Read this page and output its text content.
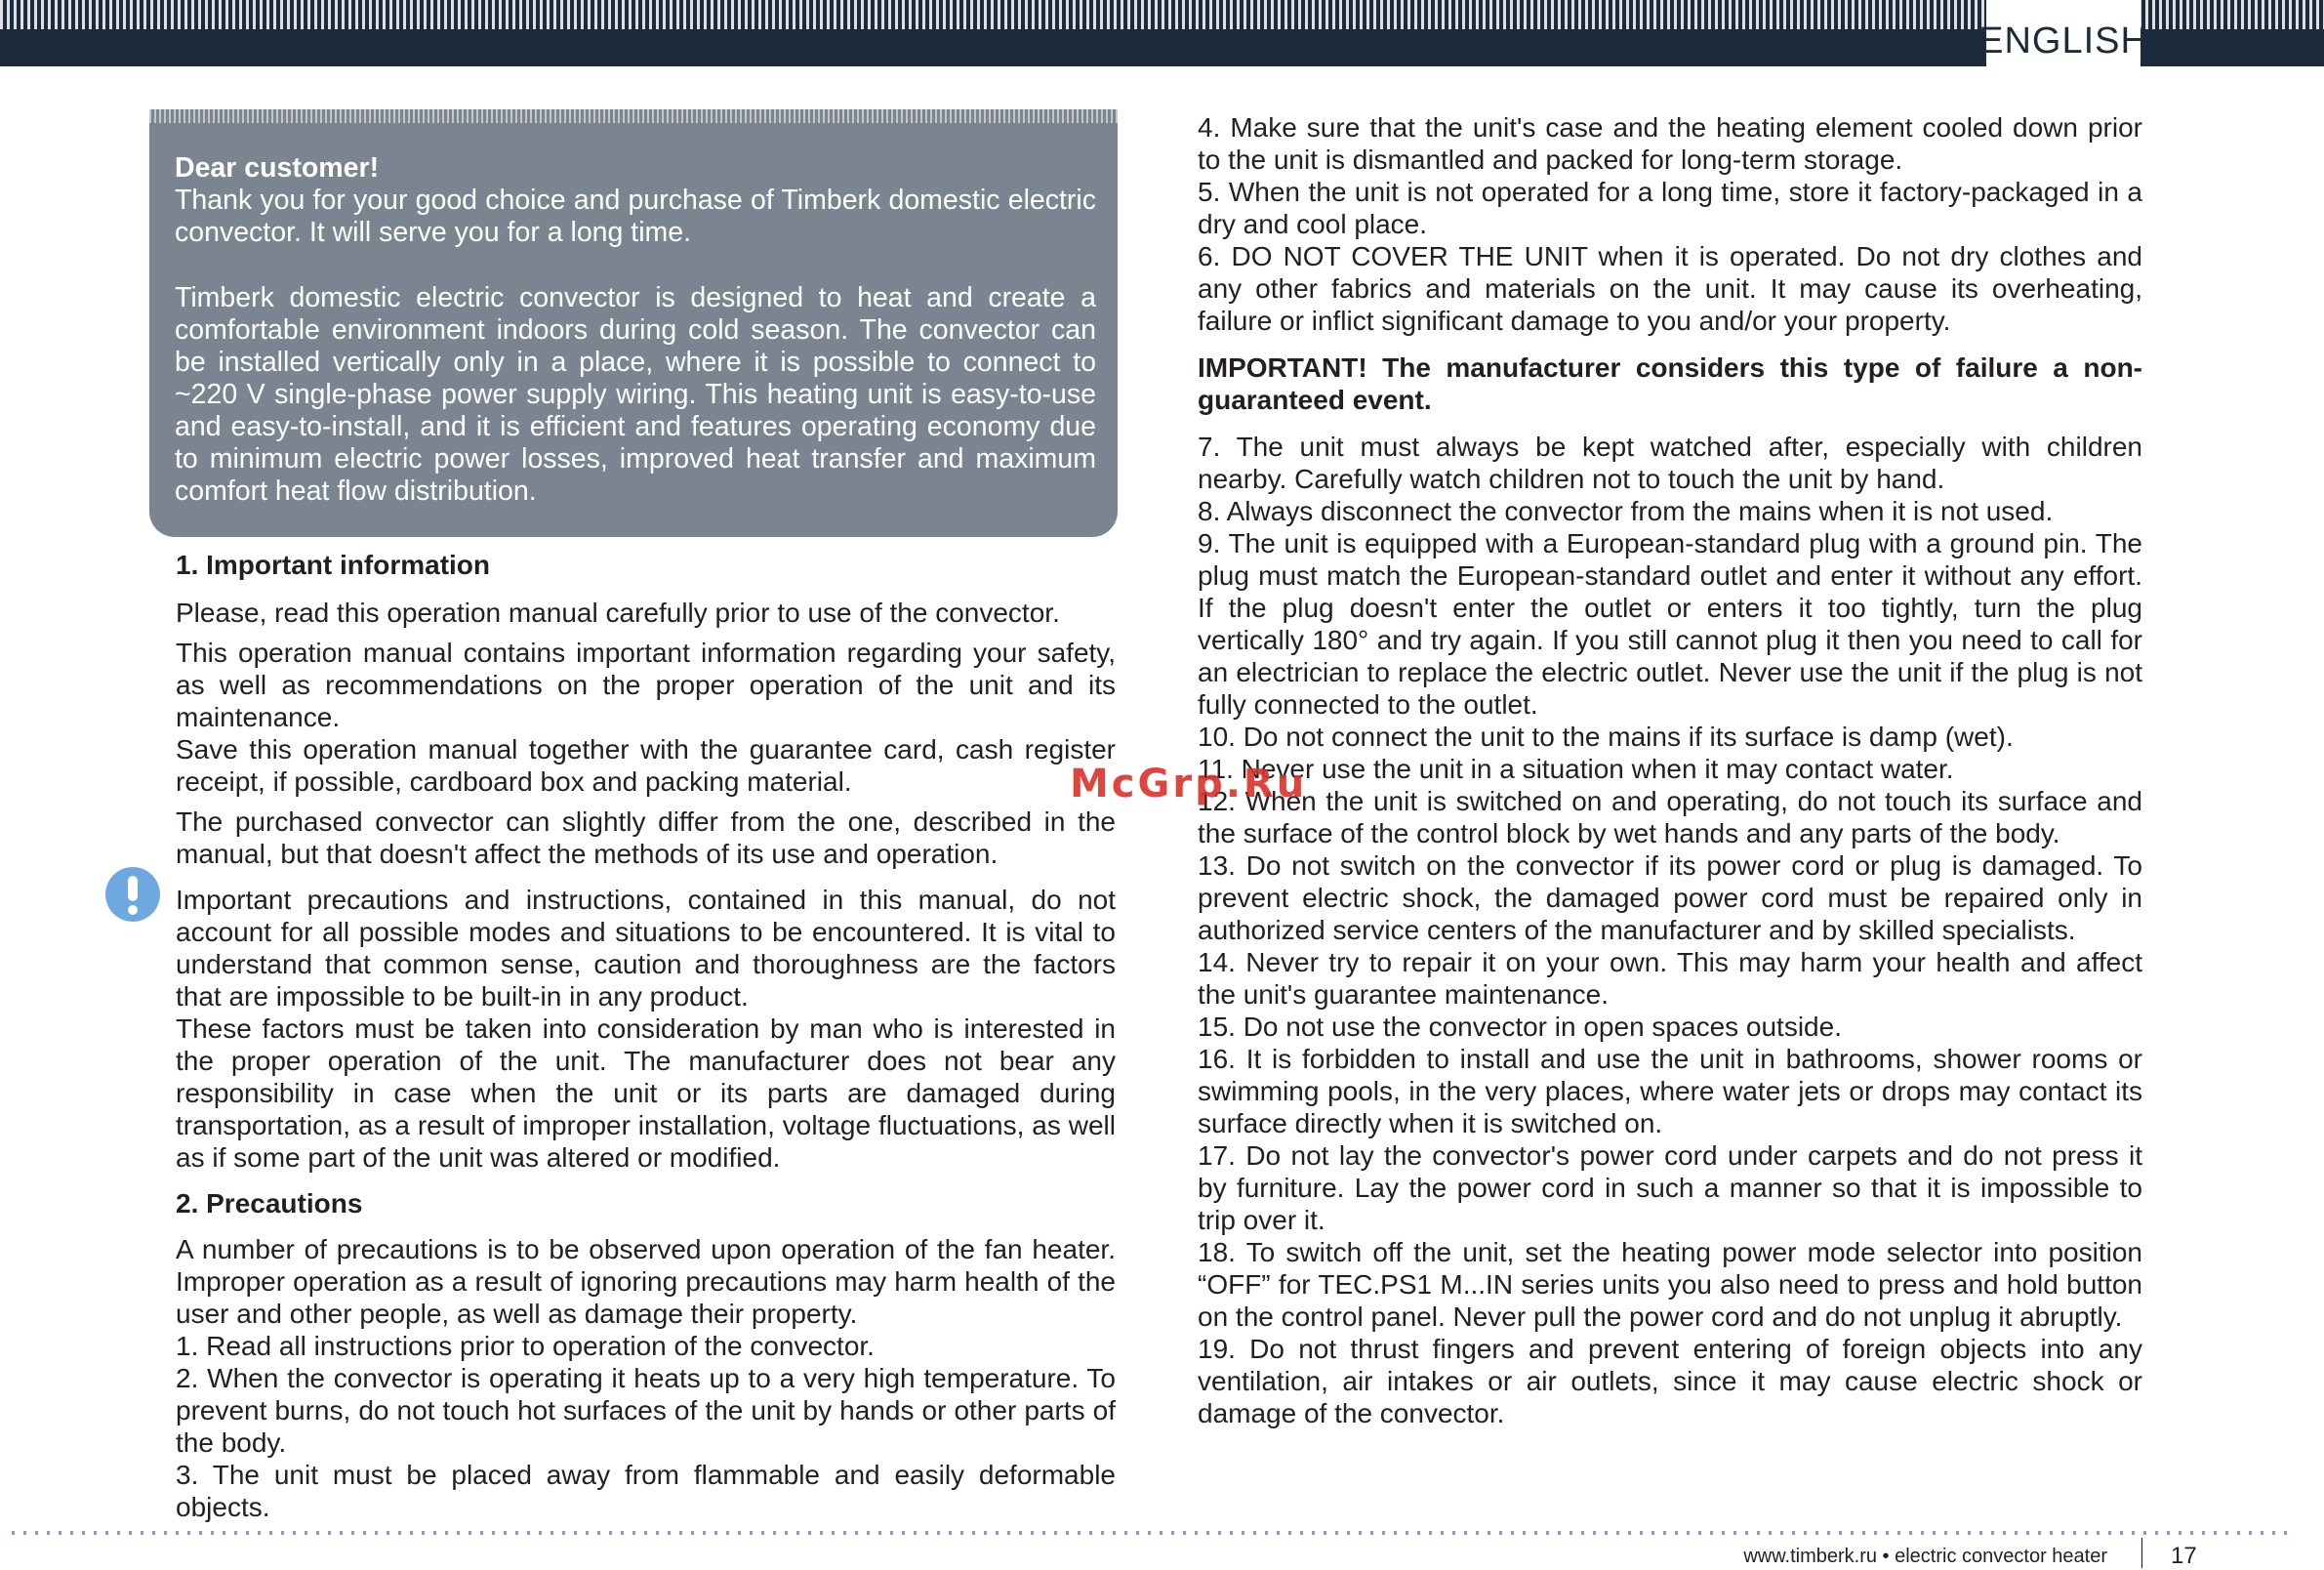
ENGLISH

Dear customer!

Thank you for your good choice and purchase of Timberk domestic electric convector. It will serve you for a long time.

Timberk domestic electric convector is designed to heat and create a comfortable environment indoors during cold season. The convector can be installed vertically only in a place, where it is possible to connect to ~220 V single-phase power supply wiring. This heating unit is easy-to-use and easy-to-install, and it is efficient and features operating economy due to minimum electric power losses, improved heat transfer and maximum comfort heat flow distribution.

1. Important information

Please, read this operation manual carefully prior to use of the convector.

This operation manual contains important information regarding your safety, as well as recommendations on the proper operation of the unit and its maintenance.

Save this operation manual together with the guarantee card, cash register receipt, if possible, cardboard box and packing material.

The purchased convector can slightly differ from the one, described in the manual, but that doesn't affect the methods of its use and operation.

Important precautions and instructions, contained in this manual, do not account for all possible modes and situations to be encountered. It is vital to understand that common sense, caution and thoroughness are the factors that are impossible to be built-in in any product.

These factors must be taken into consideration by man who is interested in the proper operation of the unit. The manufacturer does not bear any responsibility in case when the unit or its parts are damaged during transportation, as a result of improper installation, voltage fluctuations, as well as if some part of the unit was altered or modified.

2. Precautions

A number of precautions is to be observed upon operation of the fan heater. Improper operation as a result of ignoring precautions may harm health of the user and other people, as well as damage their property.

1. Read all instructions prior to operation of the convector.

2. When the convector is operating it heats up to a very high temperature. To prevent burns, do not touch hot surfaces of the unit by hands or other parts of the body.

3. The unit must be placed away from flammable and easily deformable objects.

4. Make sure that the unit's case and the heating element cooled down prior to the unit is dismantled and packed for long-term storage.

5. When the unit is not operated for a long time, store it factory-packaged in a dry and cool place.

6. DO NOT COVER THE UNIT when it is operated. Do not dry clothes and any other fabrics and materials on the unit. It may cause its overheating, failure or inflict significant damage to you and/or your property.

IMPORTANT! The manufacturer considers this type of failure a non-guaranteed event.

7. The unit must always be kept watched after, especially with children nearby. Carefully watch children not to touch the unit by hand.

8. Always disconnect the convector from the mains when it is not used.

9. The unit is equipped with a European-standard plug with a ground pin. The plug must match the European-standard outlet and enter it without any effort. If the plug doesn't enter the outlet or enters it too tightly, turn the plug vertically 180° and try again. If you still cannot plug it then you need to call for an electrician to replace the electric outlet. Never use the unit if the plug is not fully connected to the outlet.

10. Do not connect the unit to the mains if its surface is damp (wet).

11. Never use the unit in a situation when it may contact water.

12. When the unit is switched on and operating, do not touch its surface and the surface of the control block by wet hands and any parts of the body.

13. Do not switch on the convector if its power cord or plug is damaged. To prevent electric shock, the damaged power cord must be repaired only in authorized service centers of the manufacturer and by skilled specialists.

14. Never try to repair it on your own. This may harm your health and affect the unit's guarantee maintenance.

15. Do not use the convector in open spaces outside.

16. It is forbidden to install and use the unit in bathrooms, shower rooms or swimming pools, in the very places, where water jets or drops may contact its surface directly when it is switched on.

17. Do not lay the convector's power cord under carpets and do not press it by furniture. Lay the power cord in such a manner so that it is impossible to trip over it.

18. To switch off the unit, set the heating power mode selector into position “OFF” for TEC.PS1 M...IN series units you also need to press and hold button on the control panel. Never pull the power cord and do not unplug it abruptly.

19. Do not thrust fingers and prevent entering of foreign objects into any ventilation, air intakes or air outlets, since it may cause electric shock or damage of the convector.

McGrp.Ru
www.timberk.ru • electric convector heater	17
